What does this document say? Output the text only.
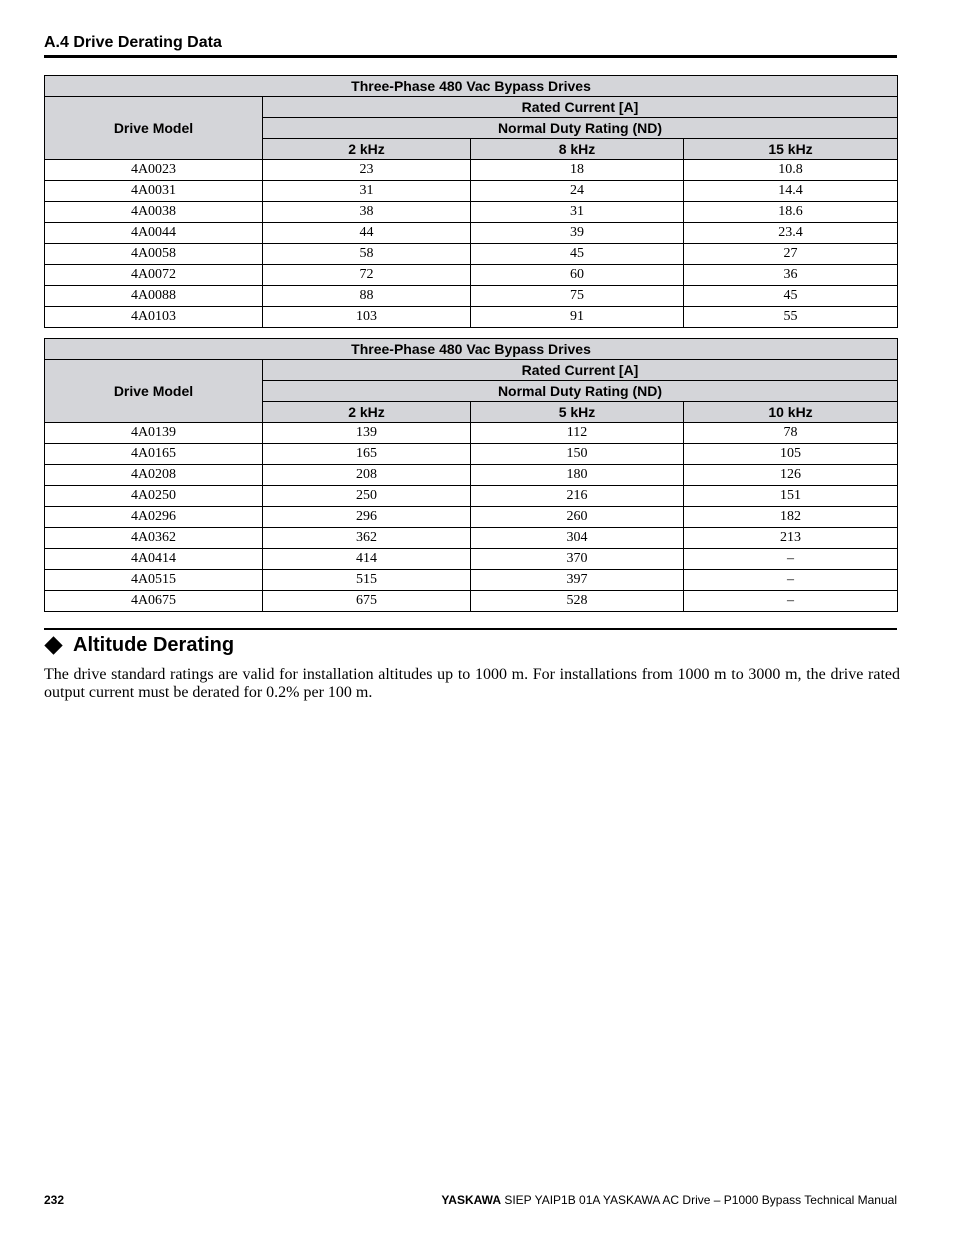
A.4 Drive Derating Data
Three-Phase 480 Vac Bypass Drives			
Drive Model	Rated Current [A]		
	Normal Duty Rating (ND)		
	2 kHz	8 kHz	15 kHz
4A0023	23	18	10.8
4A0031	31	24	14.4
4A0038	38	31	18.6
4A0044	44	39	23.4
4A0058	58	45	27
4A0072	72	60	36
4A0088	88	75	45
4A0103	103	91	55
Three-Phase 480 Vac Bypass Drives			
Drive Model	Rated Current [A]		
	Normal Duty Rating (ND)		
	2 kHz	5 kHz	10 kHz
4A0139	139	112	78
4A0165	165	150	105
4A0208	208	180	126
4A0250	250	216	151
4A0296	296	260	182
4A0362	362	304	213
4A0414	414	370	–
4A0515	515	397	–
4A0675	675	528	–
Altitude Derating

The drive standard ratings are valid for installation altitudes up to 1000 m. For installations from 1000 m to 3000 m, the drive rated output current must be derated for 0.2% per 100 m.

232	YASKAWA SIEP YAIP1B 01A YASKAWA AC Drive – P1000 Bypass Technical Manual
